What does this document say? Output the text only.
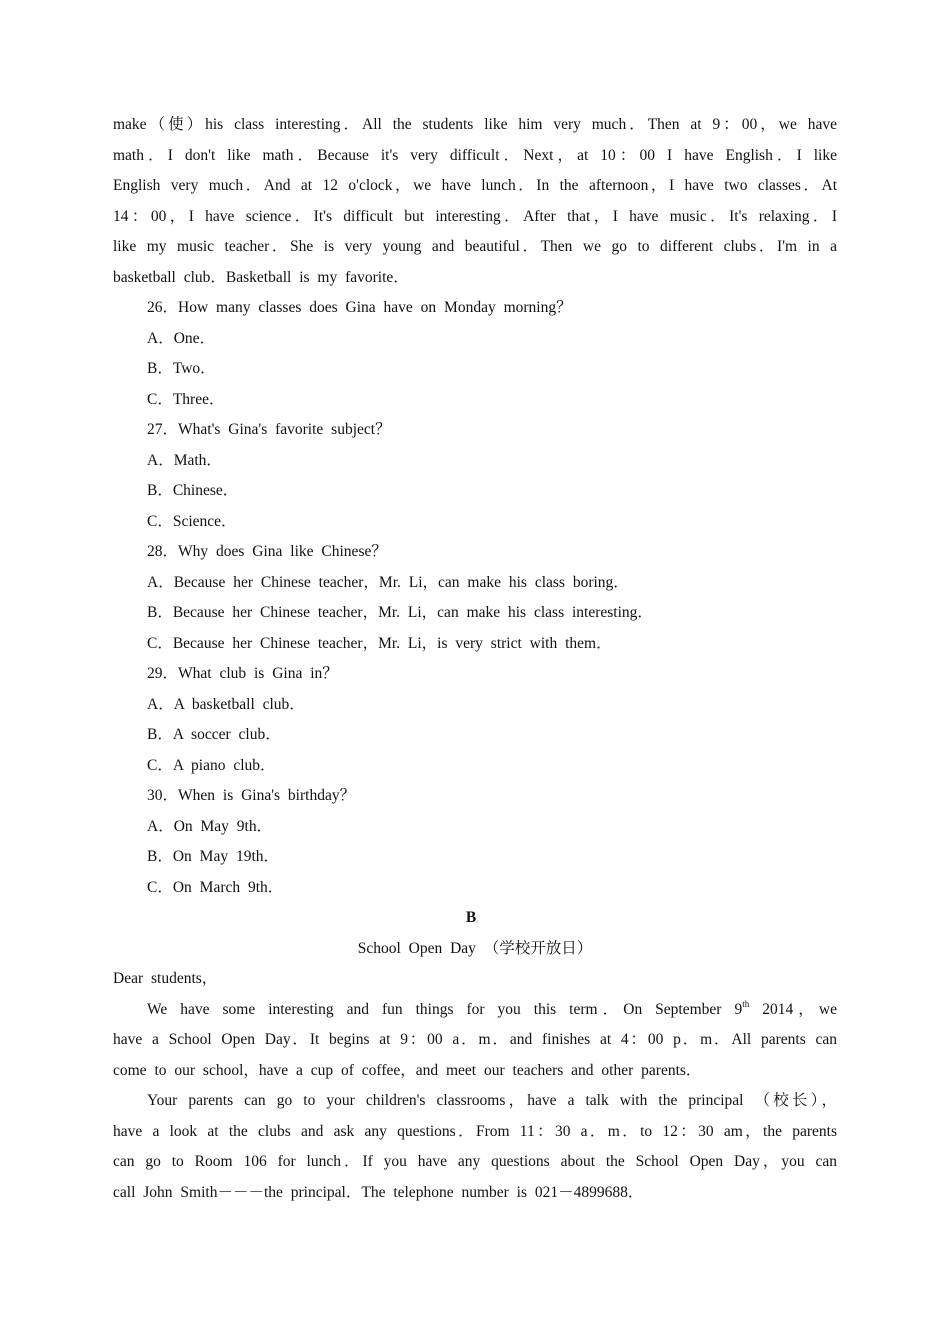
make（使）his class interesting．All the students like him very much．Then at 9：00，we have
math．I don't like math．Because it's very difficult．Next，at 10：00 I have English．I like
English very much．And at 12 o'clock，we have lunch．In the afternoon，I have two classes．At
14：00，I have science．It's difficult but interesting．After that，I have music．It's relaxing．I
like my music teacher．She is very young and beautiful．Then we go to different clubs．I'm in a
basketball club．Basketball is my favorite．
26．How many classes does Gina have on Monday morning？
A．One．
B．Two．
C．Three．
27．What's Gina's favorite subject？
A．Math．
B．Chinese．
C．Science．
28．Why does Gina like Chinese？
A．Because her Chinese teacher，Mr. Li，can make his class boring．
B．Because her Chinese teacher，Mr. Li，can make his class interesting．
C．Because her Chinese teacher，Mr. Li，is very strict with them．
29．What club is Gina in？
A．A basketball club．
B．A soccer club．
C．A piano club．
30．When is Gina's birthday？
A．On May 9th．
B．On May 19th．
C．On March 9th．
B。
School Open Day （学校开放日）
Dear students，
We have some interesting and fun things for you this term．On September 9th 2014，we
have a School Open Day．It begins at 9：00 a．m．and finishes at 4：00 p．m．All parents can
come to our school，have a cup of coffee，and meet our teachers and other parents．
Your parents can go to your children's classrooms，have a talk with the principal （校长），
have a look at the clubs and ask any questions．From 11：30 a．m．to 12：30 am，the parents
can go to Room 106 for lunch．If you have any questions about the School Open Day，you can
call John Smith－－－the principal．The telephone number is 021－4899688．
